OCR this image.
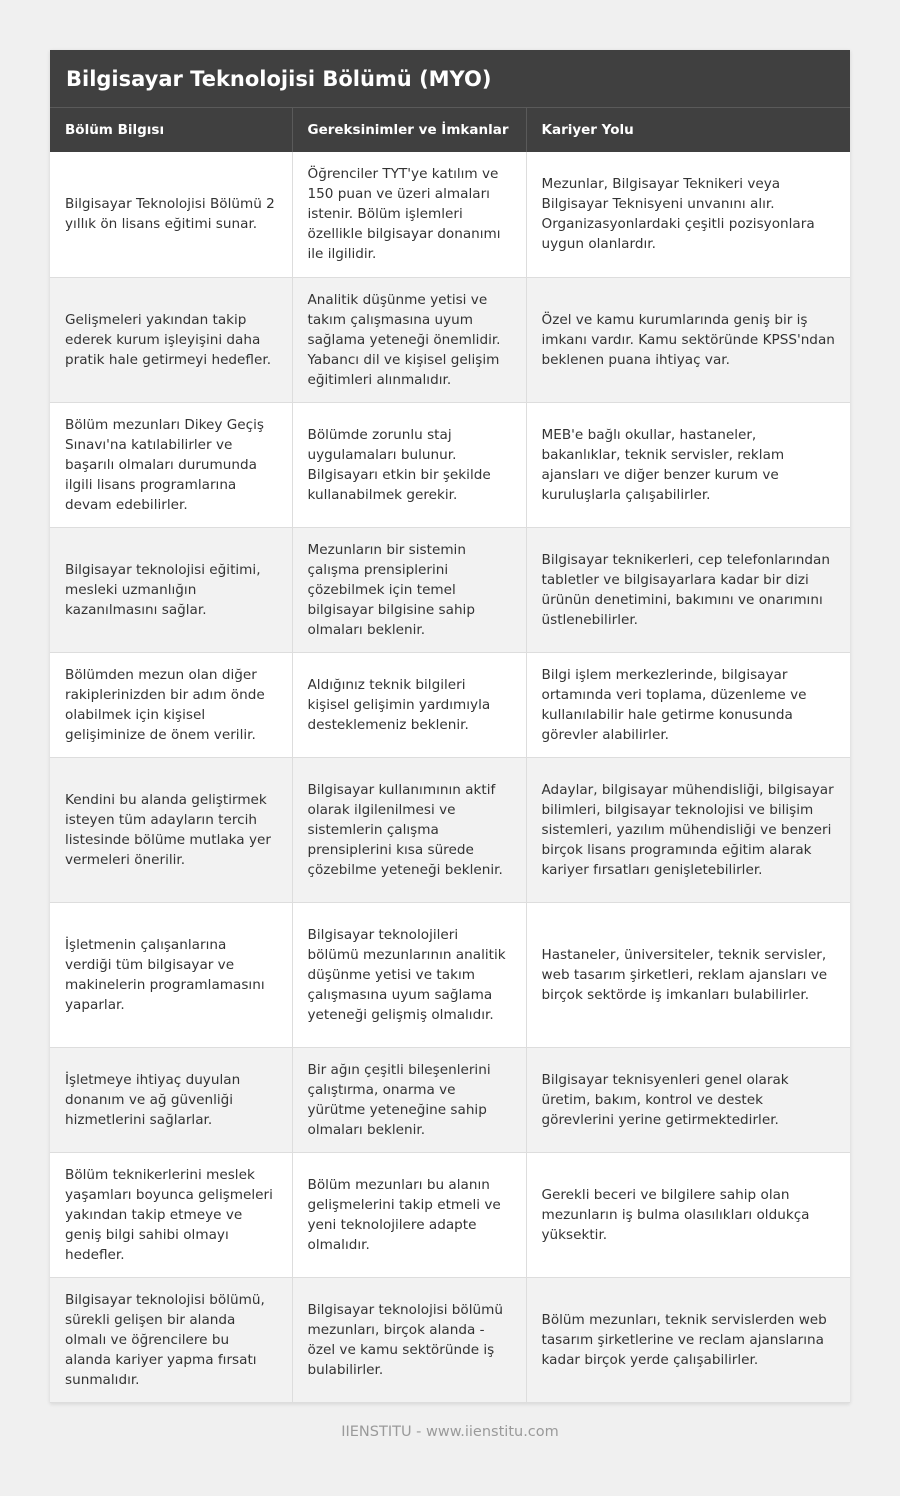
Bilgisayar Teknolojisi Bölümü (MYO)
Bölüm Bilgısı	Gereksinimler ve İmkanlar	Kariyer Yolu
Bilgisayar Teknolojisi Bölümü 2 yıllık ön lisans eğitimi sunar.	Öğrenciler TYT'ye katılım ve 150 puan ve üzeri almaları istenir. Bölüm işlemleri özellikle bilgisayar donanımı ile ilgilidir.	Mezunlar, Bilgisayar Teknikeri veya Bilgisayar Teknisyeni unvanını alır. Organizasyonlardaki çeşitli pozisyonlara uygun olanlardır.
Gelişmeleri yakından takip ederek kurum işleyişini daha pratik hale getirmeyi hedefler.	Analitik düşünme yetisi ve takım çalışmasına uyum sağlama yeteneği önemlidir. Yabancı dil ve kişisel gelişim eğitimleri alınmalıdır.	Özel ve kamu kurumlarında geniş bir iş imkanı vardır. Kamu sektöründe KPSS'ndan beklenen puana ihtiyaç var.
Bölüm mezunları Dikey Geçiş Sınavı'na katılabilirler ve başarılı olmaları durumunda ilgili lisans programlarına devam edebilirler.	Bölümde zorunlu staj uygulamaları bulunur. Bilgisayarı etkin bir şekilde kullanabilmek gerekir.	MEB'e bağlı okullar, hastaneler, bakanlıklar, teknik servisler, reklam ajansları ve diğer benzer kurum ve kuruluşlarla çalışabilirler.
Bilgisayar teknolojisi eğitimi, mesleki uzmanlığın kazanılmasını sağlar.	Mezunların bir sistemin çalışma prensiplerini çözebilmek için temel bilgisayar bilgisine sahip olmaları beklenir.	Bilgisayar teknikerleri, cep telefonlarından tabletler ve bilgisayarlara kadar bir dizi ürünün denetimini, bakımını ve onarımını üstlenebilirler.
Bölümden mezun olan diğer rakiplerinizden bir adım önde olabilmek için kişisel gelişiminize de önem verilir.	Aldığınız teknik bilgileri kişisel gelişimin yardımıyla desteklemeniz beklenir.	Bilgi işlem merkezlerinde, bilgisayar ortamında veri toplama, düzenleme ve kullanılabilir hale getirme konusunda görevler alabilirler.
Kendini bu alanda geliştirmek isteyen tüm adayların tercih listesinde bölüme mutlaka yer vermeleri önerilir.	Bilgisayar kullanımının aktif olarak ilgilenilmesi ve sistemlerin çalışma prensiplerini kısa sürede çözebilme yeteneği beklenir.	Adaylar, bilgisayar mühendisliği, bilgisayar bilimleri, bilgisayar teknolojisi ve bilişim sistemleri, yazılım mühendisliği ve benzeri birçok lisans programında eğitim alarak kariyer fırsatları genişletebilirler.
İşletmenin çalışanlarına verdiği tüm bilgisayar ve makinelerin programlamasını yaparlar.	Bilgisayar teknolojileri bölümü mezunlarının analitik düşünme yetisi ve takım çalışmasına uyum sağlama yeteneği gelişmiş olmalıdır.	Hastaneler, üniversiteler, teknik servisler, web tasarım şirketleri, reklam ajansları ve birçok sektörde iş imkanları bulabilirler.
İşletmeye ihtiyaç duyulan donanım ve ağ güvenliği hizmetlerini sağlarlar.	Bir ağın çeşitli bileşenlerini çalıştırma, onarma ve yürütme yeteneğine sahip olmaları beklenir.	Bilgisayar teknisyenleri genel olarak üretim, bakım, kontrol ve destek görevlerini yerine getirmektedirler.
Bölüm teknikerlerini meslek yaşamları boyunca gelişmeleri yakından takip etmeye ve geniş bilgi sahibi olmayı hedefler.	Bölüm mezunları bu alanın gelişmelerini takip etmeli ve yeni teknolojilere adapte olmalıdır.	Gerekli beceri ve bilgilere sahip olan mezunların iş bulma olasılıkları oldukça yüksektir.
Bilgisayar teknolojisi bölümü, sürekli gelişen bir alanda olmalı ve öğrencilere bu alanda kariyer yapma fırsatı sunmalıdır.	Bilgisayar teknolojisi bölümü mezunları, birçok alanda - özel ve kamu sektöründe iş bulabilirler.	Bölüm mezunları, teknik servislerden web tasarım şirketlerine ve reclam ajanslarına kadar birçok yerde çalışabilirler.
IIENSTITU - www.iienstitu.com
